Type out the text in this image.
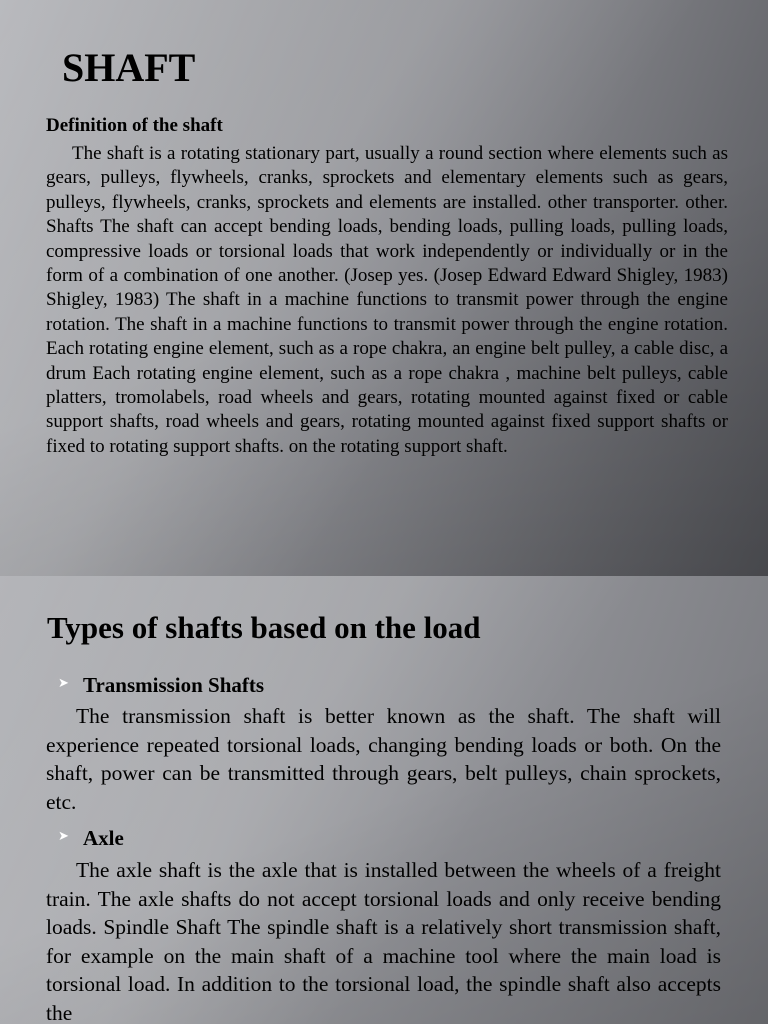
SHAFT
Definition of the shaft

The shaft is a rotating stationary part, usually a round section where elements such as gears, pulleys, flywheels, cranks, sprockets and elementary elements such as gears, pulleys, flywheels, cranks, sprockets and elements are installed. other transporter. other. Shafts The shaft can accept bending loads, bending loads, pulling loads, pulling loads, compressive loads or torsional loads that work independently or individually or in the form of a combination of one another. (Josep yes. (Josep Edward Edward Shigley, 1983) Shigley, 1983) The shaft in a machine functions to transmit power through the engine rotation. The shaft in a machine functions to transmit power through the engine rotation. Each rotating engine element, such as a rope chakra, an engine belt pulley, a cable disc, a drum Each rotating engine element, such as a rope chakra , machine belt pulleys, cable platters, tromolabels, road wheels and gears, rotating mounted against fixed or cable support shafts, road wheels and gears, rotating mounted against fixed support shafts or fixed to rotating support shafts. on the rotating support shaft.

Types of shafts based on the load
➤ Transmission Shafts

The transmission shaft is better known as the shaft. The shaft will experience repeated torsional loads, changing bending loads or both. On the shaft, power can be transmitted through gears, belt pulleys, chain sprockets, etc.

➤ Axle

The axle shaft is the axle that is installed between the wheels of a freight train. The axle shafts do not accept torsional loads and only receive bending loads. Spindle Shaft The spindle shaft is a relatively short transmission shaft, for example on the main shaft of a machine tool where the main load is torsional load. In addition to the torsional load, the spindle shaft also accepts the
